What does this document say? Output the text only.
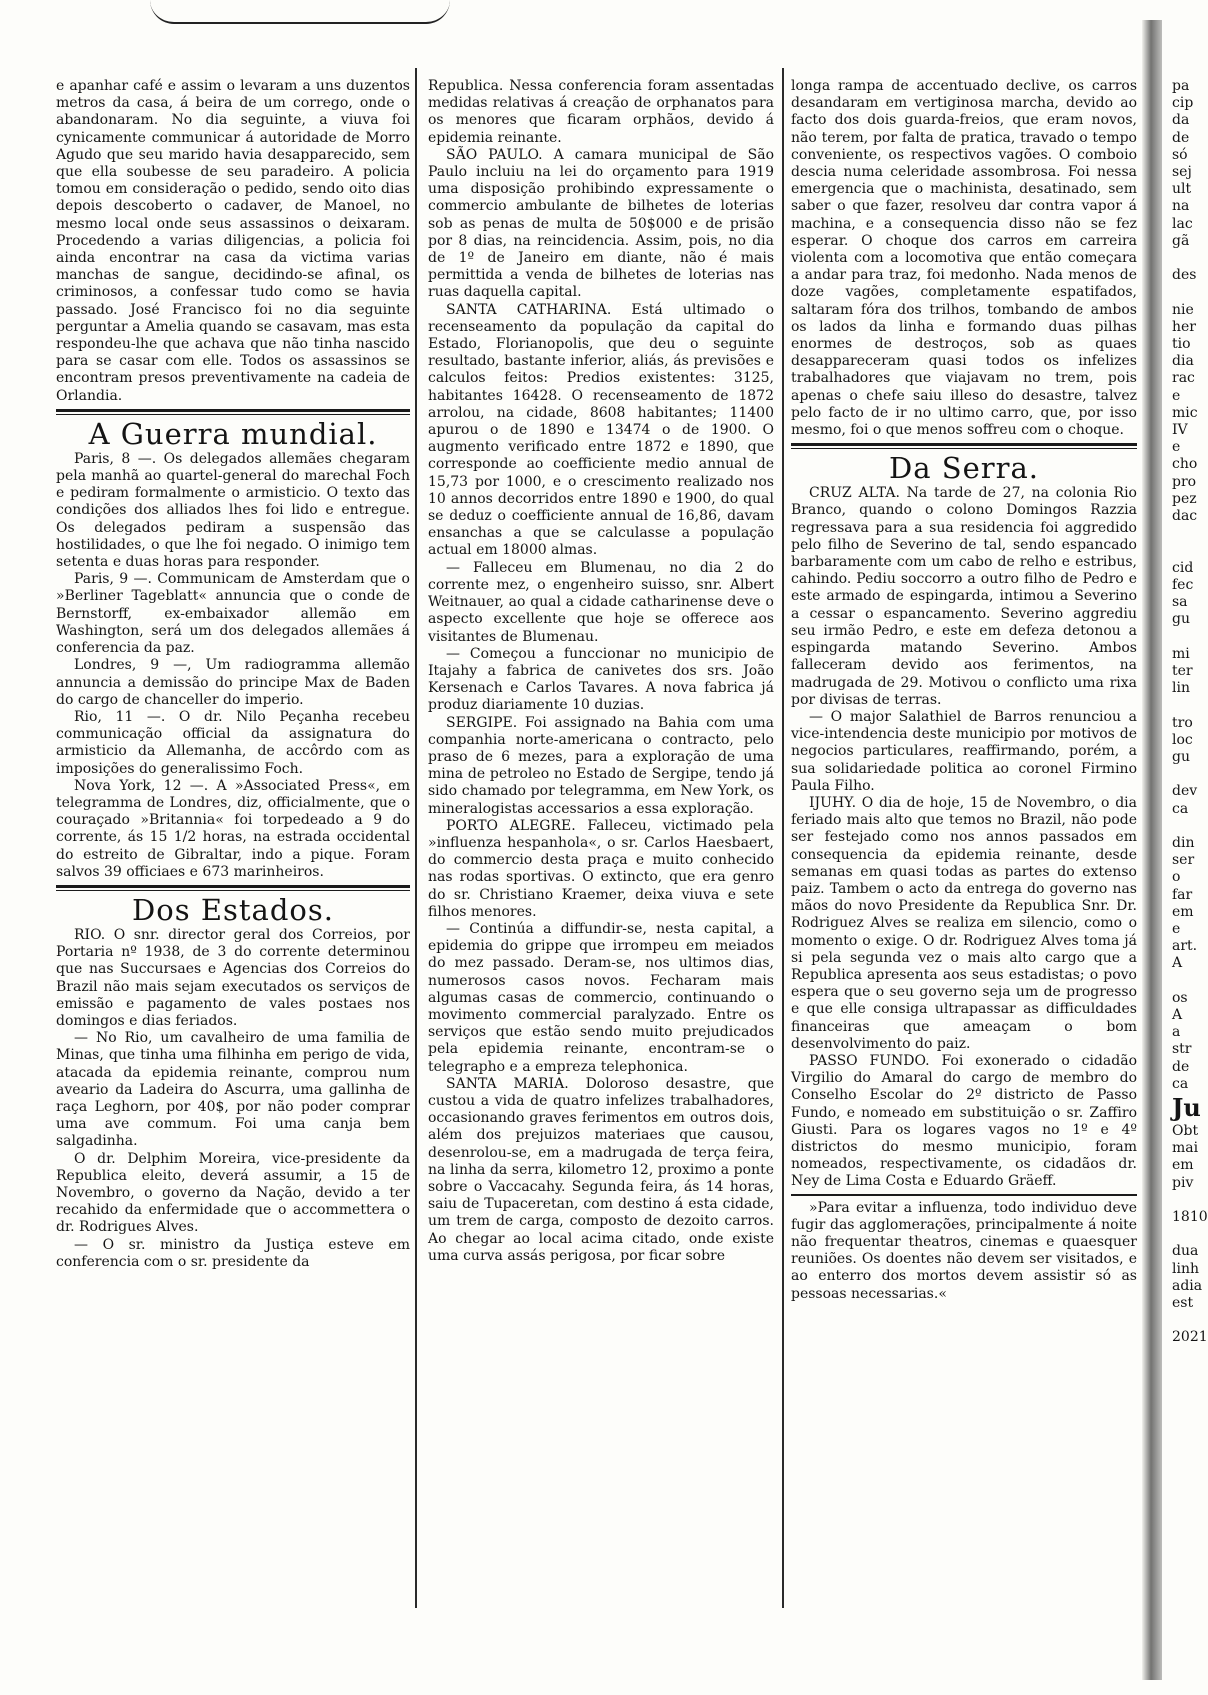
e apanhar café e assim o levaram a uns duzentos metros da casa, á beira de um corrego, onde o abandonaram. No dia seguinte, a viuva foi cynicamente communicar á autoridade de Morro Agudo que seu marido havia desapparecido, sem que ella soubesse de seu paradeiro. A policia tomou em consideração o pedido, sendo oito dias depois descoberto o cadaver, de Manoel, no mesmo local onde seus assassinos o deixaram. Procedendo a varias diligencias, a policia foi ainda encontrar na casa da victima varias manchas de sangue, decidindo-se afinal, os criminosos, a confessar tudo como se havia passado. José Francisco foi no dia seguinte perguntar a Amelia quando se casavam, mas esta respondeu-lhe que achava que não tinha nascido para se casar com elle. Todos os assassinos se encontram presos preventivamente na cadeia de Orlandia.

A Guerra mundial.

Paris, 8 —. Os delegados allemães chegaram pela manhã ao quartel-general do marechal Foch e pediram formalmente o armisticio. O texto das condições dos alliados lhes foi lido e entregue. Os delegados pediram a suspensão das hostilidades, o que lhe foi negado. O inimigo tem setenta e duas horas para responder.

Paris, 9 —. Communicam de Amsterdam que o »Berliner Tageblatt« annuncia que o conde de Bernstorff, ex-embaixador allemão em Washington, será um dos delegados allemães á conferencia da paz.

Londres, 9 —, Um radiogramma allemão annuncia a demissão do principe Max de Baden do cargo de chanceller do imperio.

Rio, 11 —. O dr. Nilo Peçanha recebeu communicação official da assignatura do armisticio da Allemanha, de accôrdo com as imposições do generalissimo Foch.

Nova York, 12 —. A »Associated Press«, em telegramma de Londres, diz, officialmente, que o couraçado »Britannia« foi torpedeado a 9 do corrente, ás 15 1/2 horas, na estrada occidental do estreito de Gibraltar, indo a pique. Foram salvos 39 officiaes e 673 marinheiros.

Dos Estados.

RIO. O snr. director geral dos Correios, por Portaria nº 1938, de 3 do corrente determinou que nas Succursaes e Agencias dos Correios do Brazil não mais sejam executados os serviços de emissão e pagamento de vales postaes nos domingos e dias feriados.

— No Rio, um cavalheiro de uma familia de Minas, que tinha uma filhinha em perigo de vida, atacada da epidemia reinante, comprou num aveario da Ladeira do Ascurra, uma gallinha de raça Leghorn, por 40$, por não poder comprar uma ave commum. Foi uma canja bem salgadinha.

O dr. Delphim Moreira, vice-presidente da Republica eleito, deverá assumir, a 15 de Novembro, o governo da Nação, devido a ter recahido da enfermidade que o accommettera o dr. Rodrigues Alves.

— O sr. ministro da Justiça esteve em conferencia com o sr. presidente da

Republica. Nessa conferencia foram assentadas medidas relativas á creação de orphanatos para os menores que ficaram orphãos, devido á epidemia reinante.

SÃO PAULO. A camara municipal de São Paulo incluiu na lei do orçamento para 1919 uma disposição prohibindo expressamente o commercio ambulante de bilhetes de loterias sob as penas de multa de 50$000 e de prisão por 8 dias, na reincidencia. Assim, pois, no dia de 1º de Janeiro em diante, não é mais permittida a venda de bilhetes de loterias nas ruas daquella capital.

SANTA CATHARINA. Está ultimado o recenseamento da população da capital do Estado, Florianopolis, que deu o seguinte resultado, bastante inferior, aliás, ás previsões e calculos feitos: Predios existentes: 3125, habitantes 16428. O recenseamento de 1872 arrolou, na cidade, 8608 habitantes; 11400 apurou o de 1890 e 13474 o de 1900. O augmento verificado entre 1872 e 1890, que corresponde ao coefficiente medio annual de 15,73 por 1000, e o crescimento realizado nos 10 annos decorridos entre 1890 e 1900, do qual se deduz o coefficiente annual de 16,86, davam ensanchas a que se calculasse a população actual em 18000 almas.

— Falleceu em Blumenau, no dia 2 do corrente mez, o engenheiro suisso, snr. Albert Weitnauer, ao qual a cidade catharinense deve o aspecto excellente que hoje se offerece aos visitantes de Blumenau.

— Começou a funccionar no municipio de Itajahy a fabrica de canivetes dos srs. João Kersenach e Carlos Tavares. A nova fabrica já produz diariamente 10 duzias.

SERGIPE. Foi assignado na Bahia com uma companhia norte-americana o contracto, pelo praso de 6 mezes, para a exploração de uma mina de petroleo no Estado de Sergipe, tendo já sido chamado por telegramma, em New York, os mineralogistas accessarios a essa exploração.

PORTO ALEGRE. Falleceu, victimado pela »influenza hespanhola«, o sr. Carlos Haesbaert, do commercio desta praça e muito conhecido nas rodas sportivas. O extincto, que era genro do sr. Christiano Kraemer, deixa viuva e sete filhos menores.

— Continúa a diffundir-se, nesta capital, a epidemia do grippe que irrompeu em meiados do mez passado. Deram-se, nos ultimos dias, numerosos casos novos. Fecharam mais algumas casas de commercio, continuando o movimento commercial paralyzado. Entre os serviços que estão sendo muito prejudicados pela epidemia reinante, encontram-se o telegrapho e a empreza telephonica.

SANTA MARIA. Doloroso desastre, que custou a vida de quatro infelizes trabalhadores, occasionando graves ferimentos em outros dois, além dos prejuizos materiaes que causou, desenrolou-se, em a madrugada de terça feira, na linha da serra, kilometro 12, proximo a ponte sobre o Vaccacahy. Segunda feira, ás 14 horas, saiu de Tupaceretan, com destino á esta cidade, um trem de carga, composto de dezoito carros. Ao chegar ao local acima citado, onde existe uma curva assás perigosa, por ficar sobre

longa rampa de accentuado declive, os carros desandaram em vertiginosa marcha, devido ao facto dos dois guarda-freios, que eram novos, não terem, por falta de pratica, travado o tempo conveniente, os respectivos vagões. O comboio descia numa celeridade assombrosa. Foi nessa emergencia que o machinista, desatinado, sem saber o que fazer, resolveu dar contra vapor á machina, e a consequencia disso não se fez esperar. O choque dos carros em carreira violenta com a locomotiva que então começara a andar para traz, foi medonho. Nada menos de doze vagões, completamente espatifados, saltaram fóra dos trilhos, tombando de ambos os lados da linha e formando duas pilhas enormes de destroços, sob as quaes desappareceram quasi todos os infelizes trabalhadores que viajavam no trem, pois apenas o chefe saiu illeso do desastre, talvez pelo facto de ir no ultimo carro, que, por isso mesmo, foi o que menos soffreu com o choque.

Da Serra.

CRUZ ALTA. Na tarde de 27, na colonia Rio Branco, quando o colono Domingos Razzia regressava para a sua residencia foi aggredido pelo filho de Severino de tal, sendo espancado barbaramente com um cabo de relho e estribus, cahindo. Pediu soccorro a outro filho de Pedro e este armado de espingarda, intimou a Severino a cessar o espancamento. Severino aggrediu seu irmão Pedro, e este em defeza detonou a espingarda matando Severino. Ambos falleceram devido aos ferimentos, na madrugada de 29. Motivou o conflicto uma rixa por divisas de terras.

— O major Salathiel de Barros renunciou a vice-intendencia deste municipio por motivos de negocios particulares, reaffirmando, porém, a sua solidariedade politica ao coronel Firmino Paula Filho.

IJUHY. O dia de hoje, 15 de Novembro, o dia feriado mais alto que temos no Brazil, não pode ser festejado como nos annos passados em consequencia da epidemia reinante, desde semanas em quasi todas as partes do extenso paiz. Tambem o acto da entrega do governo nas mãos do novo Presidente da Republica Snr. Dr. Rodriguez Alves se realiza em silencio, como o momento o exige. O dr. Rodriguez Alves toma já si pela segunda vez o mais alto cargo que a Republica apresenta aos seus estadistas; o povo espera que o seu governo seja um de progresso e que elle consiga ultrapassar as difficuldades financeiras que ameaçam o bom desenvolvimento do paiz.

PASSO FUNDO. Foi exonerado o cidadão Virgilio do Amaral do cargo de membro do Conselho Escolar do 2º districto de Passo Fundo, e nomeado em substituição o sr. Zaffiro Giusti. Para os logares vagos no 1º e 4º districtos do mesmo municipio, foram nomeados, respectivamente, os cidadãos dr. Ney de Lima Costa e Eduardo Gräeff.

»Para evitar a influenza, todo individuo deve fugir das agglomerações, principalmente á noite não frequentar theatros, cinemas e quaesquer reuniões. Os doentes não devem ser visitados, e ao enterro dos mortos devem assistir só as pessoas necessarias.«

pa
cip
da
de
só
sej
ult
na
lac
gã

des

nie
her
tio
dia
rac
e
mic
IV
e
cho
pro
pez
dac

cid
fec
sa
gu

mi
ter
lin

tro
loc
gu

dev
ca

din
ser
o
far
em
e
art.
A

os
A
a
str
de
ca
Ju
Obt
mai
em
piv

1810

dua
linh
adia
est

2021
